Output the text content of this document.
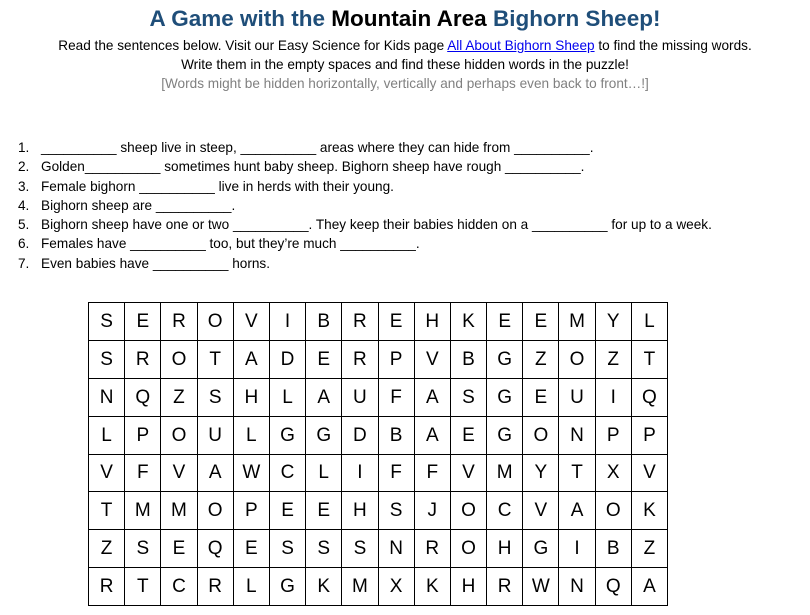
A Game with the Mountain Area Bighorn Sheep!
Read the sentences below. Visit our Easy Science for Kids page All About Bighorn Sheep to find the missing words.
Write them in the empty spaces and find these hidden words in the puzzle!
[Words might be hidden horizontally, vertically and perhaps even back to front…!]
1. __________ sheep live in steep, __________ areas where they can hide from __________.
2. Golden__________ sometimes hunt baby sheep. Bighorn sheep have rough __________.
3. Female bighorn __________ live in herds with their young.
4. Bighorn sheep are __________.
5. Bighorn sheep have one or two __________. They keep their babies hidden on a __________ for up to a week.
6. Females have __________ too, but they’re much __________.
7. Even babies have __________ horns.
S	E	R	O	V	I	B	R	E	H	K	E	E	M	Y	L
S	R	O	T	A	D	E	R	P	V	B	G	Z	O	Z	T
N	Q	Z	S	H	L	A	U	F	A	S	G	E	U	I	Q
L	P	O	U	L	G	G	D	B	A	E	G	O	N	P	P
V	F	V	A	W	C	L	I	F	F	V	M	Y	T	X	V
T	M	M	O	P	E	E	H	S	J	O	C	V	A	O	K
Z	S	E	Q	E	S	S	S	N	R	O	H	G	I	B	Z
R	T	C	R	L	G	K	M	X	K	H	R	W	N	Q	A
